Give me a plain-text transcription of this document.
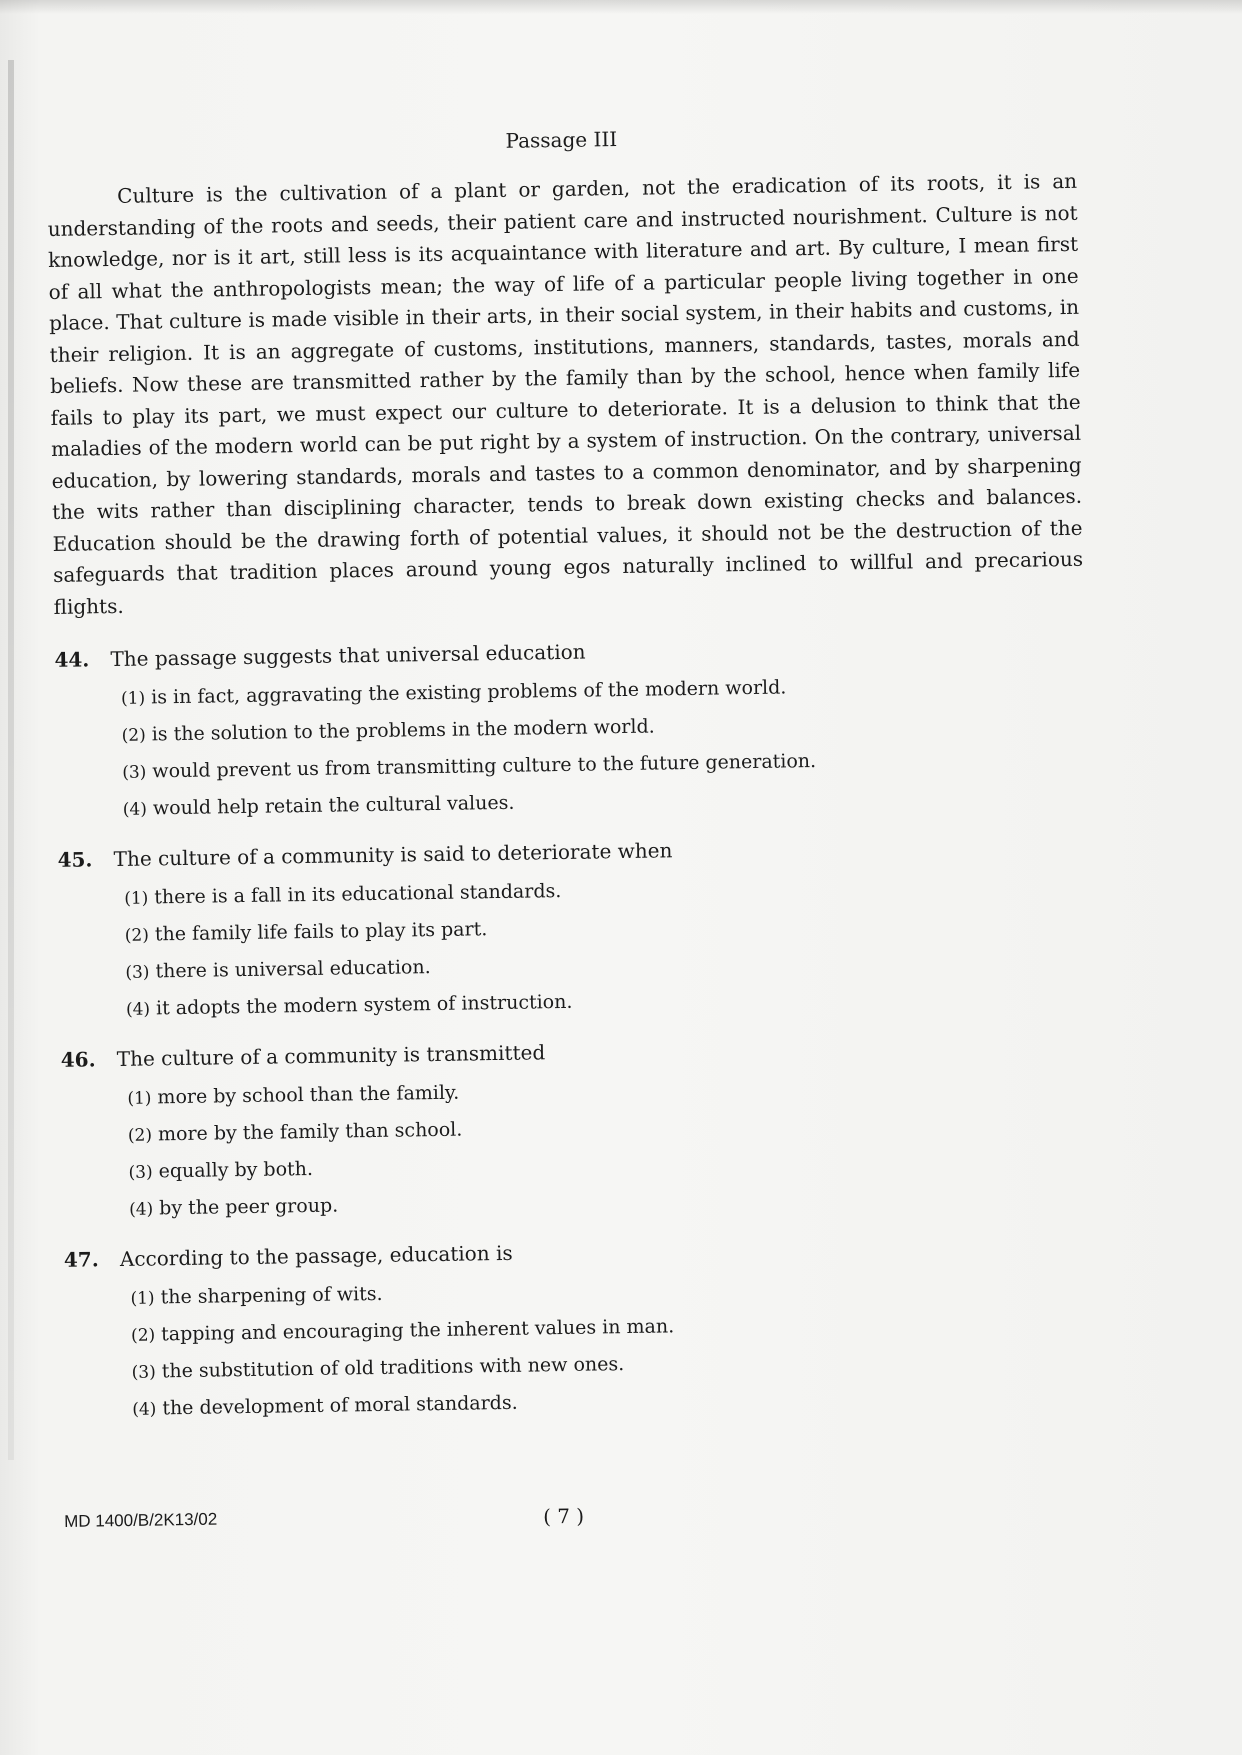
Passage III

Culture is the cultivation of a plant or garden, not the eradication of its roots, it is an understanding of the roots and seeds, their patient care and instructed nourishment. Culture is not knowledge, nor is it art, still less is its acquaintance with literature and art. By culture, I mean first of all what the anthropologists mean; the way of life of a particular people living together in one place. That culture is made visible in their arts, in their social system, in their habits and customs, in their religion. It is an aggregate of customs, institutions, manners, standards, tastes, morals and beliefs. Now these are transmitted rather by the family than by the school, hence when family life fails to play its part, we must expect our culture to deteriorate. It is a delusion to think that the maladies of the modern world can be put right by a system of instruction. On the contrary, universal education, by lowering standards, morals and tastes to a common denominator, and by sharpening the wits rather than disciplining character, tends to break down existing checks and balances. Education should be the drawing forth of potential values, it should not be the destruction of the safeguards that tradition places around young egos naturally inclined to willful and precarious flights.

44.	The passage suggests that universal education
(1) is in fact, aggravating the existing problems of the modern world.
(2) is the solution to the problems in the modern world.
(3) would prevent us from transmitting culture to the future generation.
(4) would help retain the cultural values.
45.	The culture of a community is said to deteriorate when
(1) there is a fall in its educational standards.
(2) the family life fails to play its part.
(3) there is universal education.
(4) it adopts the modern system of instruction.
46.	The culture of a community is transmitted
(1) more by school than the family.
(2) more by the family than school.
(3) equally by both.
(4) by the peer group.
47.	According to the passage, education is
(1) the sharpening of wits.
(2) tapping and encouraging the inherent values in man.
(3) the substitution of old traditions with new ones.
(4) the development of moral standards.
MD 1400/B/2K13/02	( 7 )
